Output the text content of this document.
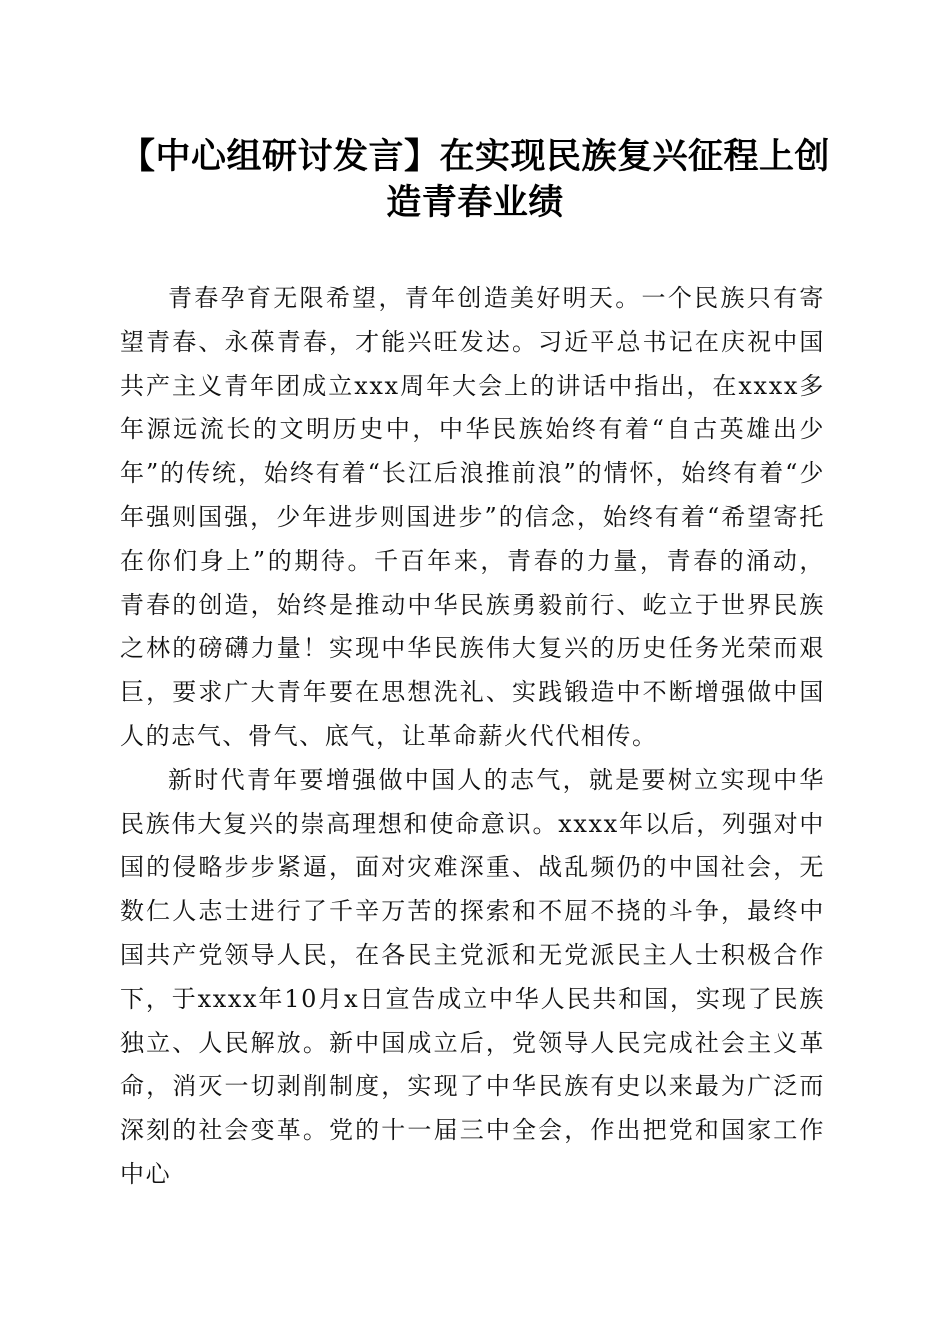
【中心组研讨发言】在实现民族复兴征程上创造青春业绩

青春孕育无限希望，青年创造美好明天。一个民族只有寄望青春、永葆青春，才能兴旺发达。习近平总书记在庆祝中国共产主义青年团成立xxx周年大会上的讲话中指出，在xxxx多年源远流长的文明历史中，中华民族始终有着“自古英雄出少年”的传统，始终有着“长江后浪推前浪”的情怀，始终有着“少年强则国强，少年进步则国进步”的信念，始终有着“希望寄托在你们身上”的期待。千百年来，青春的力量，青春的涌动，青春的创造，始终是推动中华民族勇毅前行、屹立于世界民族之林的磅礴力量！实现中华民族伟大复兴的历史任务光荣而艰巨，要求广大青年要在思想洗礼、实践锻造中不断增强做中国人的志气、骨气、底气，让革命薪火代代相传。

新时代青年要增强做中国人的志气，就是要树立实现中华民族伟大复兴的崇高理想和使命意识。xxxx年以后，列强对中国的侵略步步紧逼，面对灾难深重、战乱频仍的中国社会，无数仁人志士进行了千辛万苦的探索和不屈不挠的斗争，最终中国共产党领导人民，在各民主党派和无党派民主人士积极合作下，于xxxx年10月x日宣告成立中华人民共和国，实现了民族独立、人民解放。新中国成立后，党领导人民完成社会主义革命，消灭一切剥削制度，实现了中华民族有史以来最为广泛而深刻的社会变革。党的十一届三中全会，作出把党和国家工作中心
